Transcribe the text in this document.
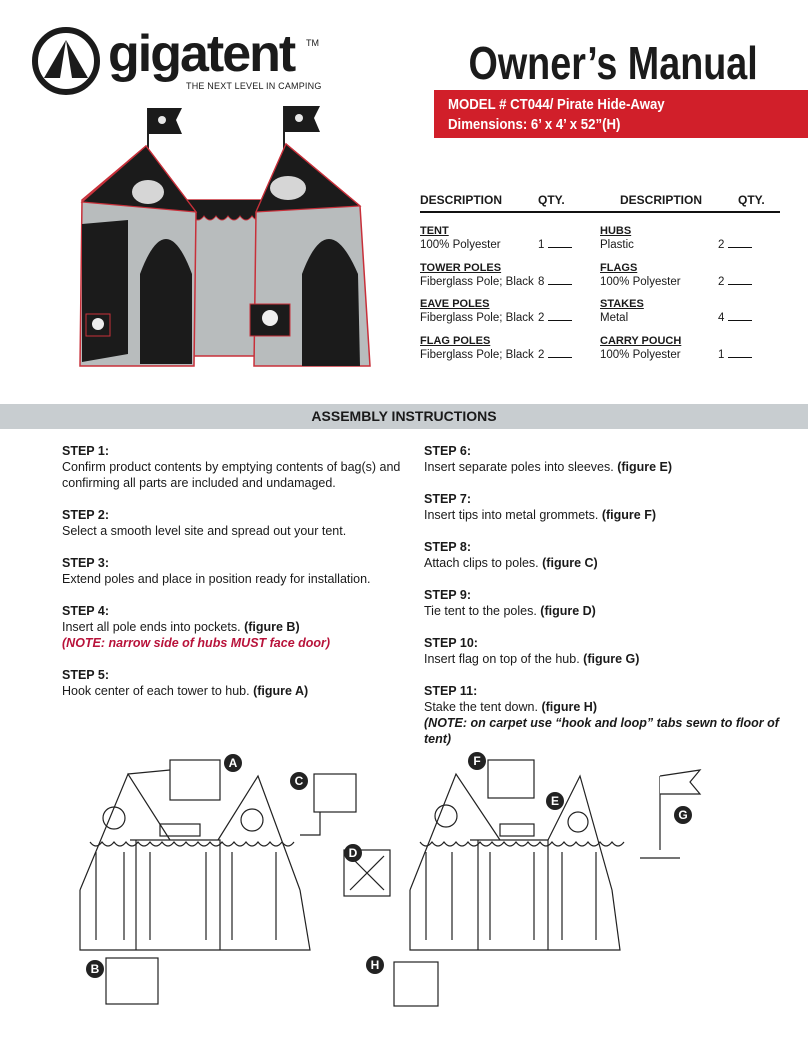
gigatent TM
THE NEXT LEVEL IN CAMPING	Owner’s Manual
MODEL # CT044/ Pirate Hide-Away
Dimensions: 6’ x 4’ x 52”(H)
DESCRIPTION	QTY.	DESCRIPTION	QTY.
TENT
100% Polyester	1
TOWER POLES
Fiberglass Pole; Black 8
EAVE POLES
Fiberglass Pole; Black 2
FLAG POLES
Fiberglass Pole; Black 2
HUBS
Plastic	2
FLAGS
100% Polyester	2
STAKES
Metal	4
CARRY POUCH
100% Polyester	1
ASSEMBLY INSTRUCTIONS
STEP 1:
Confirm product contents by emptying contents of bag(s) and confirming all parts are included and undamaged.
STEP 2:
Select a smooth level site and spread out your tent.
STEP 3:
Extend poles and place in position ready for installation.
STEP 4:
Insert all pole ends into pockets. (figure B)
(NOTE: narrow side of hubs MUST face door)
STEP 5:
Hook center of each tower to hub. (figure A)
STEP 6:
Insert separate poles into sleeves. (figure E)
STEP 7:
Insert tips into metal grommets. (figure F)
STEP 8:
Attach clips to poles. (figure C)
STEP 9:
Tie tent to the poles. (figure D)
STEP 10:
Insert flag on top of the hub. (figure G)
STEP 11:
Stake the tent down. (figure H)
(NOTE: on carpet use “hook and loop” tabs sewn to floor of tent)
A
C
D
B
F
E
G
H
